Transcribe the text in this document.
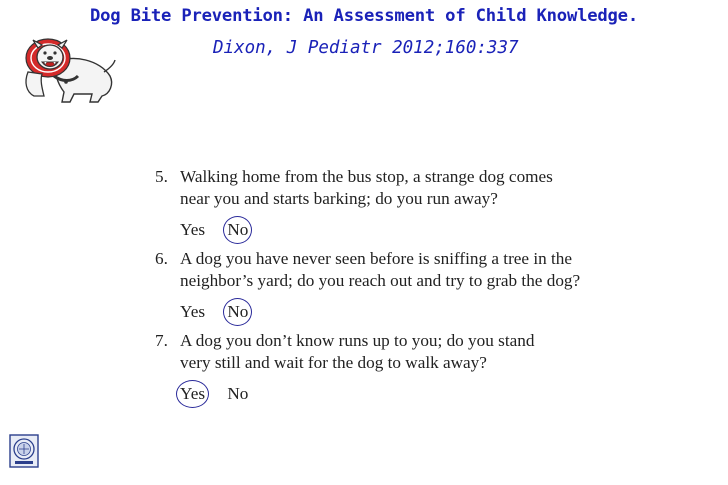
Dog Bite Prevention: An Assessment of Child Knowledge.
Dixon, J Pediatr 2012;160:337
5. Walking home from the bus stop, a strange dog comes
near you and starts barking; do you run away?
Yes No
6. A dog you have never seen before is sniffing a tree in the
neighbor’s yard; do you reach out and try to grab the dog?
Yes No
7. A dog you don’t know runs up to you; do you stand
very still and wait for the dog to walk away?
Yes No
